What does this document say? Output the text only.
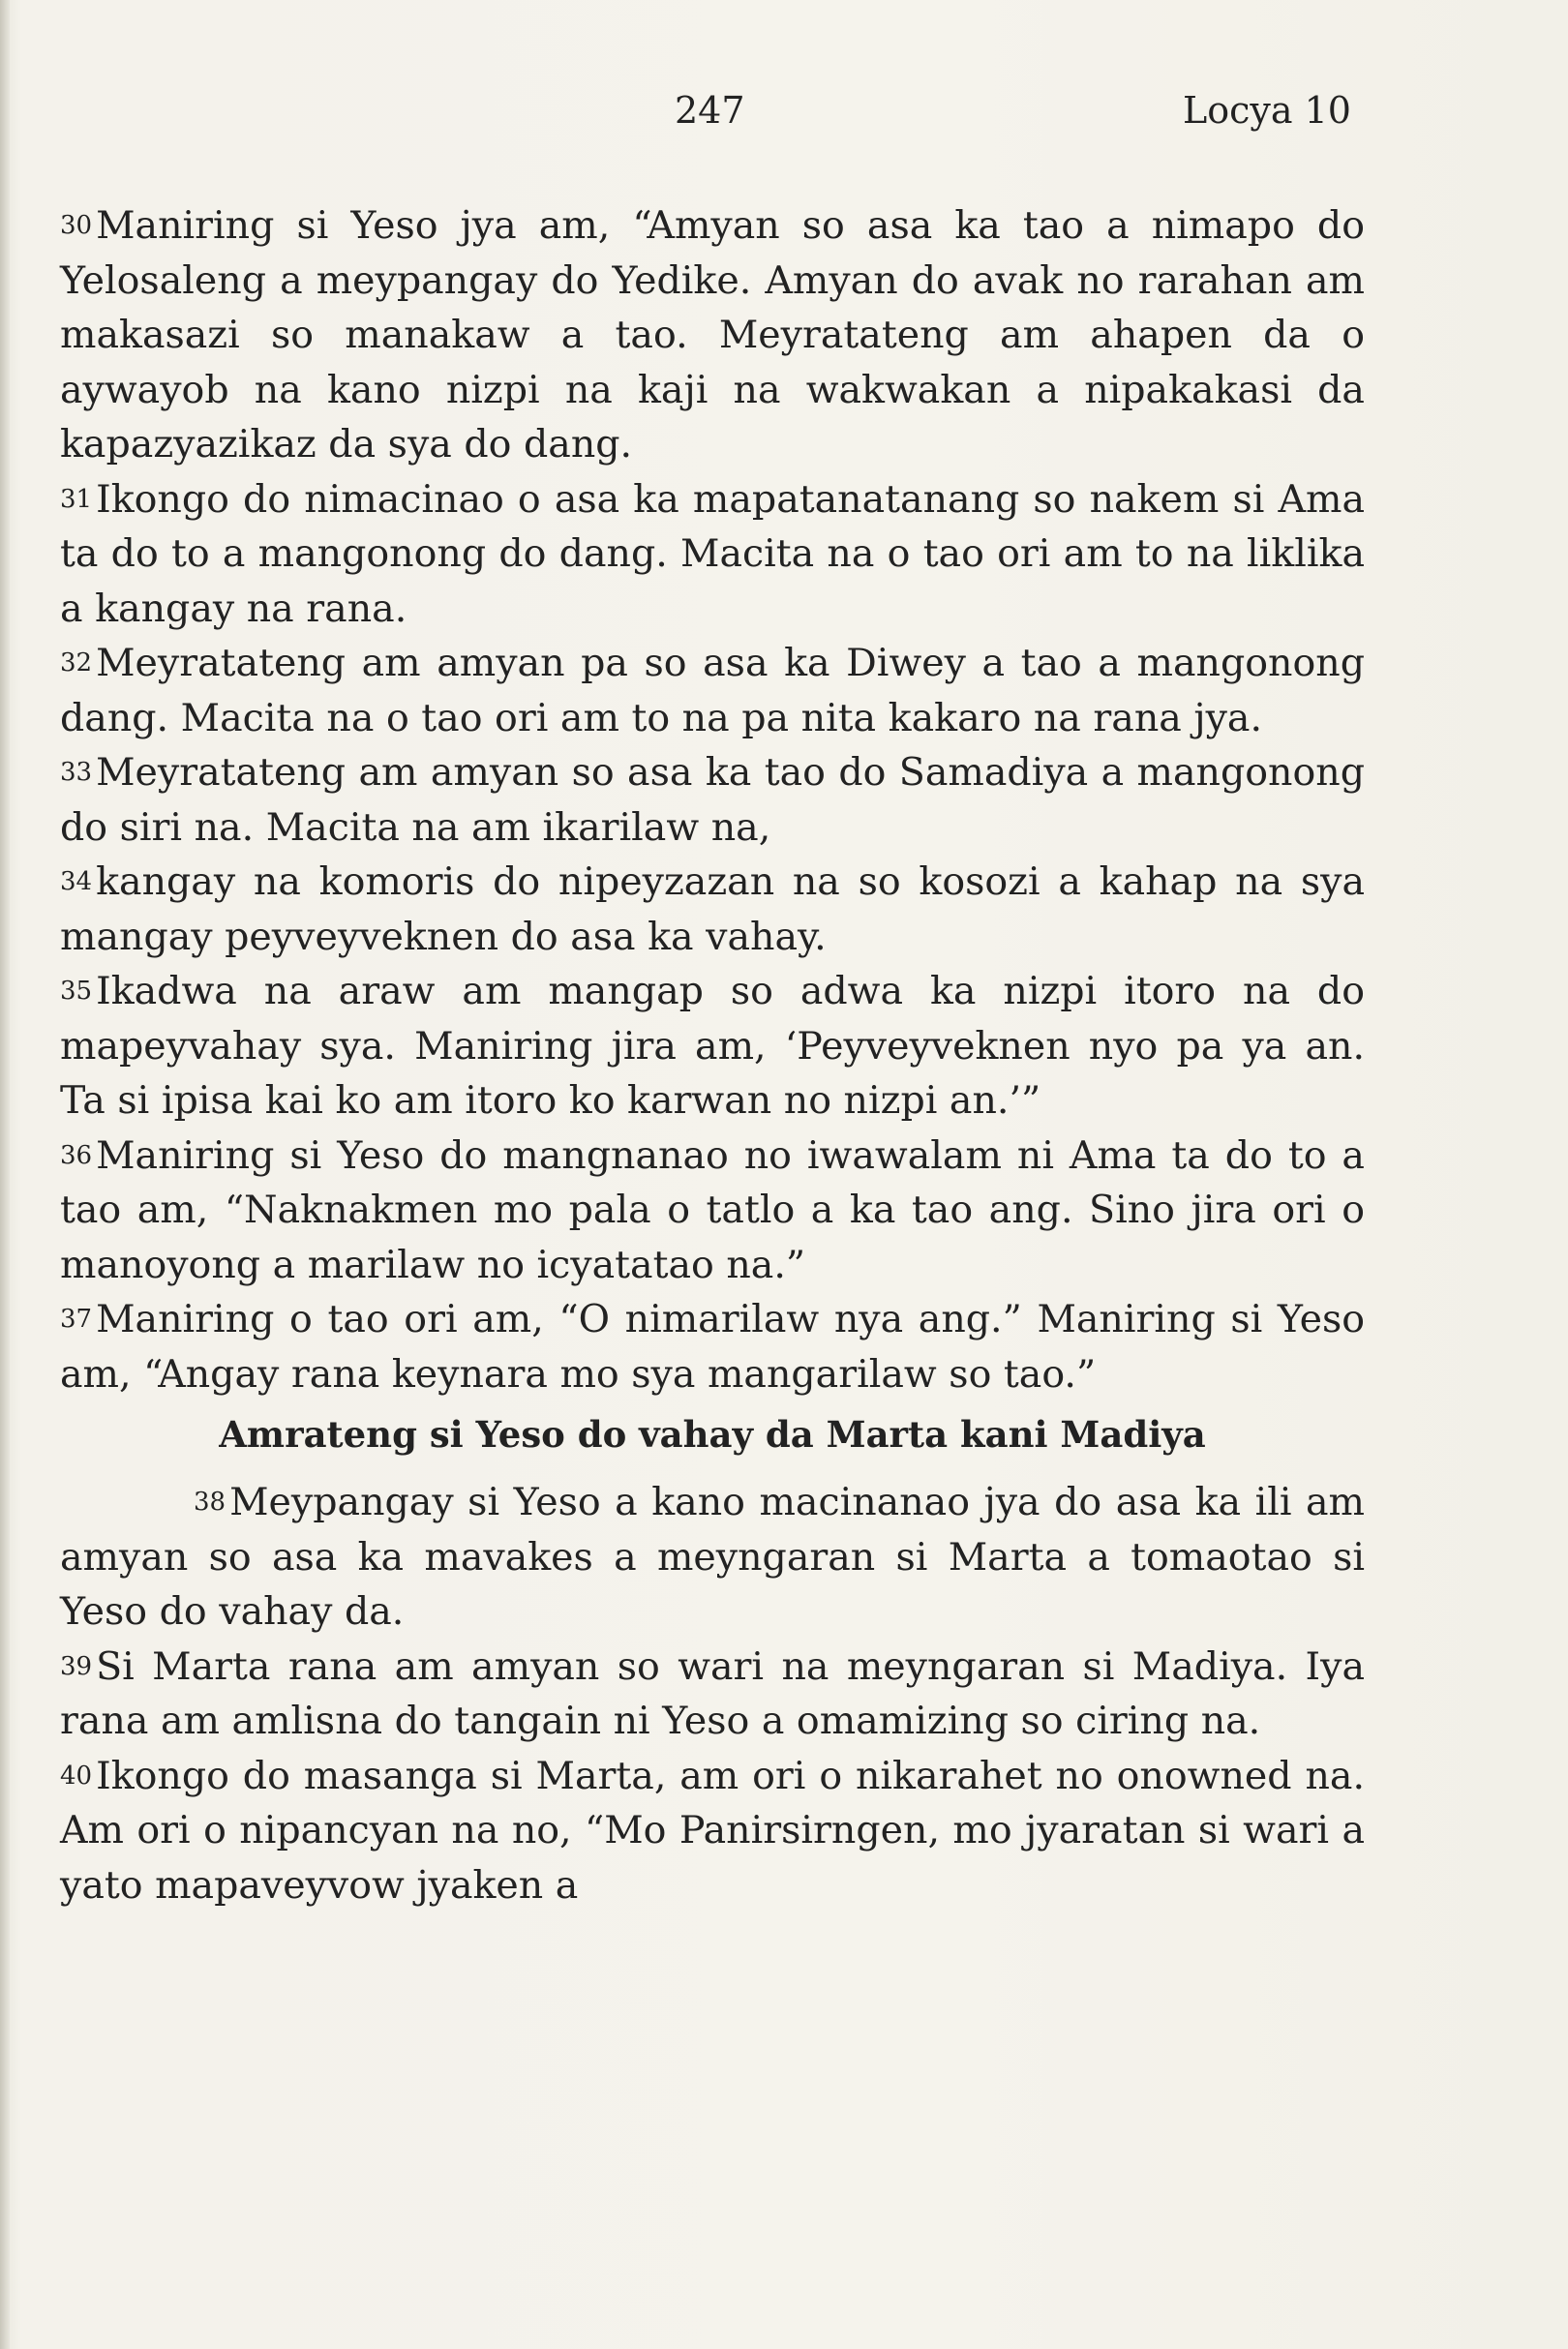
247	Locya 10

30 Maniring si Yeso jya am, “Amyan so asa ka tao a nimapo do Yelosaleng a meypangay do Yedike. Amyan do avak no rarahan am makasazi so manakaw a tao. Meyratateng am ahapen da o aywayob na kano nizpi na kaji na wakwakan a nipakakasi da kapazyazikaz da sya do dang.

31 Ikongo do nimacinao o asa ka mapatanatanang so nakem si Ama ta do to a mangonong do dang. Macita na o tao ori am to na liklika a kangay na rana.

32 Meyratateng am amyan pa so asa ka Diwey a tao a mangonong dang. Macita na o tao ori am to na pa nita kakaro na rana jya.

33 Meyratateng am amyan so asa ka tao do Samadiya a mangonong do siri na. Macita na am ikarilaw na,

34 kangay na komoris do nipeyzazan na so kosozi a kahap na sya mangay peyveyveknen do asa ka vahay.

35 Ikadwa na araw am mangap so adwa ka nizpi itoro na do mapeyvahay sya. Maniring jira am, ‘Peyveyveknen nyo pa ya an. Ta si ipisa kai ko am itoro ko karwan no nizpi an.’”

36 Maniring si Yeso do mangnanao no iwawalam ni Ama ta do to a tao am, “Naknakmen mo pala o tatlo a ka tao ang. Sino jira ori o manoyong a marilaw no icyatatao na.”

37 Maniring o tao ori am, “O nimarilaw nya ang.” Maniring si Yeso am, “Angay rana keynara mo sya mangarilaw so tao.”

Amrateng si Yeso do vahay da Marta kani Madiya

38 Meypangay si Yeso a kano macinanao jya do asa ka ili am amyan so asa ka mavakes a meyngaran si Marta a tomaotao si Yeso do vahay da.

39 Si Marta rana am amyan so wari na meyngaran si Madiya. Iya rana am amlisna do tangain ni Yeso a omamizing so ciring na.

40 Ikongo do masanga si Marta, am ori o nikarahet no onowned na. Am ori o nipancyan na no, “Mo Panirsirngen, mo jyaratan si wari a yato mapaveyvow jyaken a
